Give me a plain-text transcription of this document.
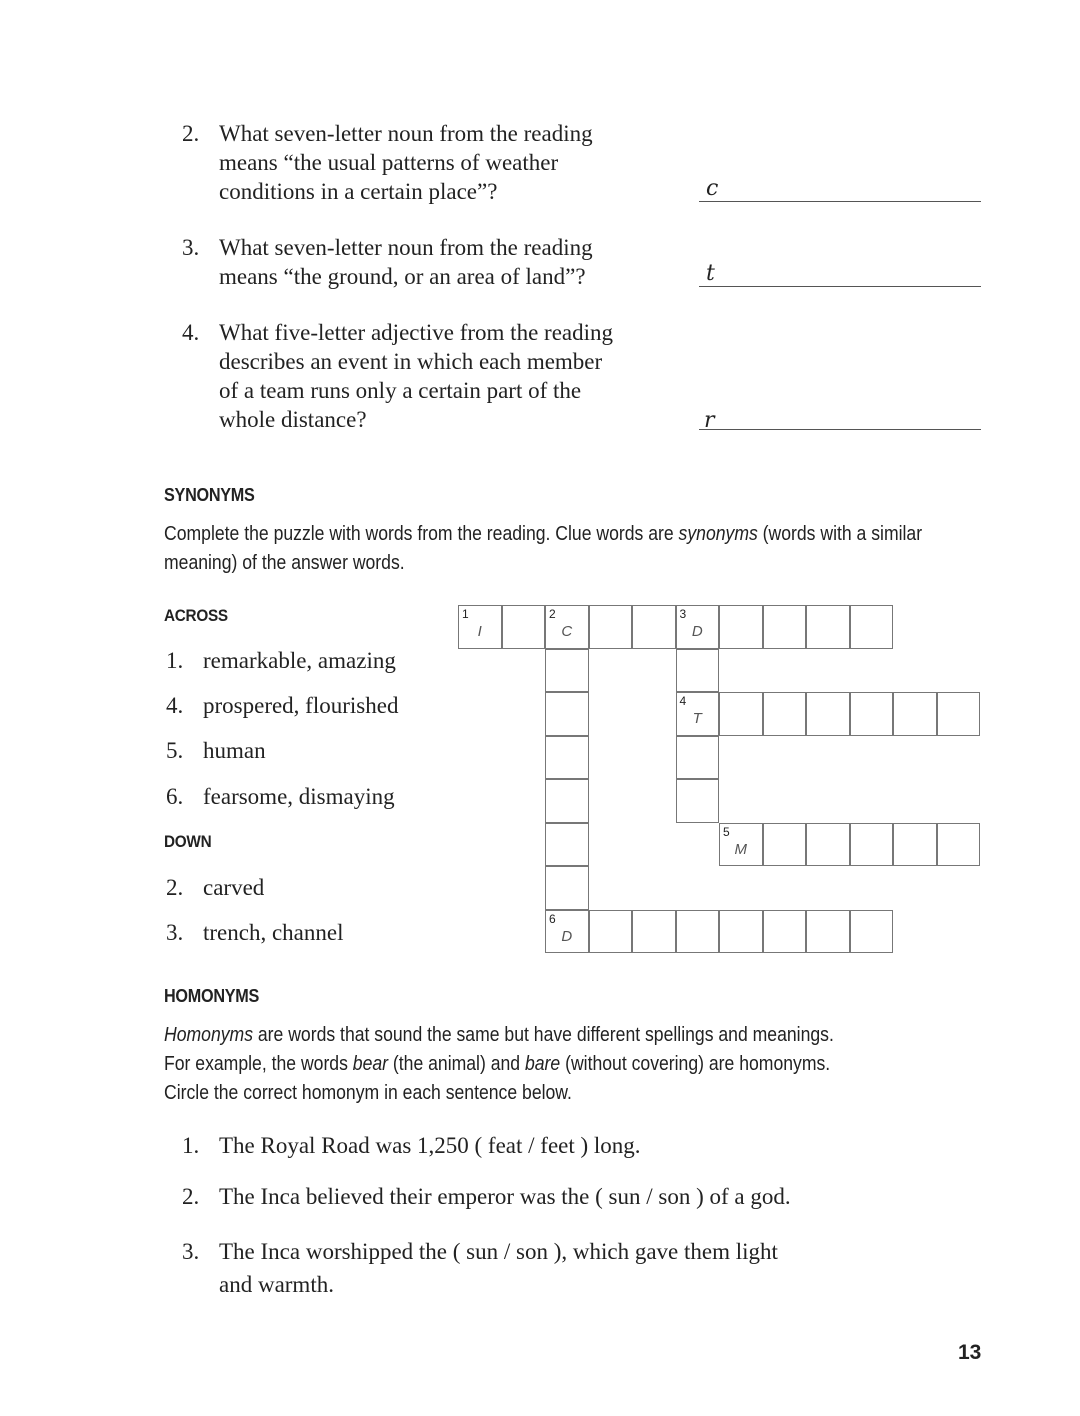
2. What seven-letter noun from the reading
means “the usual patterns of weather
conditions in a certain place”?	c
3. What seven-letter noun from the reading
means “the ground, or an area of land”?	t
4. What five-letter adjective from the reading
describes an event in which each member
of a team runs only a certain part of the
whole distance?	r
SYNONYMS
Complete the puzzle with words from the reading. Clue words are synonyms (words with a similar meaning) of the answer words.
ACROSS
1. remarkable, amazing
4. prospered, flourished
5. human
6. fearsome, dismaying
DOWN
2. carved
3. trench, channel
1
I
2
C
3
D
6
D
4
T
5
M
HOMONYMS
Homonyms are words that sound the same but have different spellings and meanings.
For example, the words bear (the animal) and bare (without covering) are homonyms.
Circle the correct homonym in each sentence below.
1. The Royal Road was 1,250 ( feat / feet ) long.
2. The Inca believed their emperor was the ( sun / son ) of a god.
3. The Inca worshipped the ( sun / son ), which gave them light
and warmth.
13
